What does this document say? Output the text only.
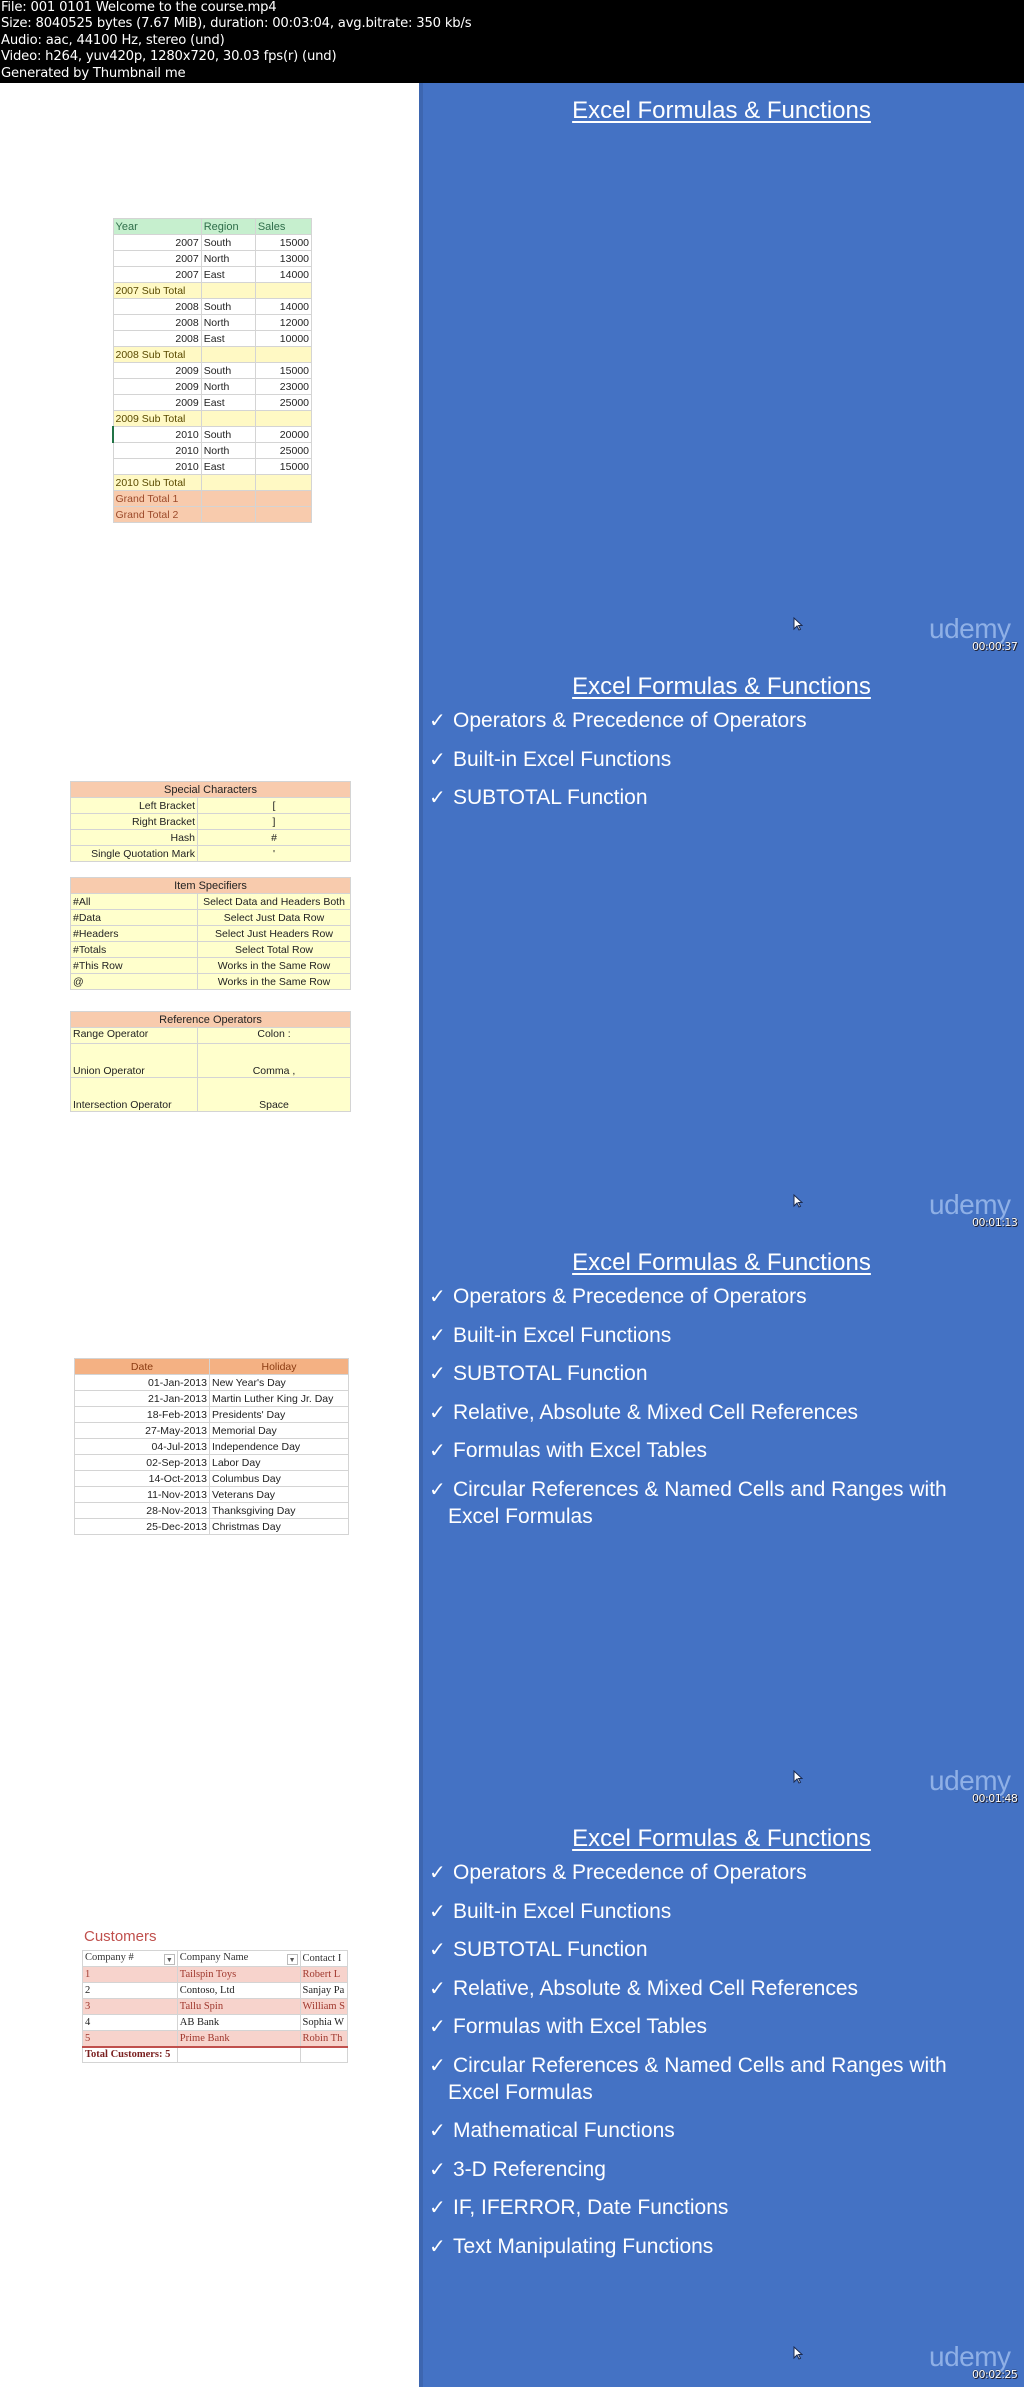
File: 001 0101 Welcome to the course.mp4
Size: 8040525 bytes (7.67 MiB), duration: 00:03:04, avg.bitrate: 350 kb/s
Audio: aac, 44100 Hz, stereo (und)
Video: h264, yuv420p, 1280x720, 30.03 fps(r) (und)
Generated by Thumbnail me
Year	Region	Sales
2007	South	15000
2007	North	13000
2007	East	14000
2007 Sub Total		
2008	South	14000
2008	North	12000
2008	East	10000
2008 Sub Total		
2009	South	15000
2009	North	23000
2009	East	25000
2009 Sub Total		
2010	South	20000
2010	North	25000
2010	East	15000
2010 Sub Total		
Grand Total 1		
Grand Total 2		
Excel Formulas & Functions
udemy
00:00:37
Special Characters	
Left Bracket	[
Right Bracket	]
Hash	#
Single Quotation Mark	'
Item Specifiers	
#All	Select Data and Headers Both
#Data	Select Just Data Row
#Headers	Select Just Headers Row
#Totals	Select Total Row
#This Row	Works in the Same Row
@	Works in the Same Row
Reference Operators	
Range Operator	Colon :
Union Operator	Comma ,
Intersection Operator	Space
Excel Formulas & Functions
✓ Operators & Precedence of Operators
✓ Built-in Excel Functions
✓ SUBTOTAL Function
udemy
00:01:13
Date	Holiday
01-Jan-2013	New Year's Day
21-Jan-2013	Martin Luther King Jr. Day
18-Feb-2013	Presidents' Day
27-May-2013	Memorial Day
04-Jul-2013	Independence Day
02-Sep-2013	Labor Day
14-Oct-2013	Columbus Day
11-Nov-2013	Veterans Day
28-Nov-2013	Thanksgiving Day
25-Dec-2013	Christmas Day
Excel Formulas & Functions
✓ Operators & Precedence of Operators
✓ Built-in Excel Functions
✓ SUBTOTAL Function
✓ Relative, Absolute & Mixed Cell References
✓ Formulas with Excel Tables
✓ Circular References & Named Cells and Ranges with
Excel Formulas
udemy
00:01:48
Customers
Company # ▼	Company Name ▼	Contact I
1	Tailspin Toys	Robert L
2	Contoso, Ltd	Sanjay Pa
3	Tallu Spin	William S
4	AB Bank	Sophia W
5	Prime Bank	Robin Th
Total Customers: 5		
Excel Formulas & Functions
✓ Operators & Precedence of Operators
✓ Built-in Excel Functions
✓ SUBTOTAL Function
✓ Relative, Absolute & Mixed Cell References
✓ Formulas with Excel Tables
✓ Circular References & Named Cells and Ranges with
Excel Formulas
✓ Mathematical Functions
✓ 3-D Referencing
✓ IF, IFERROR, Date Functions
✓ Text Manipulating Functions
udemy
00:02:25
